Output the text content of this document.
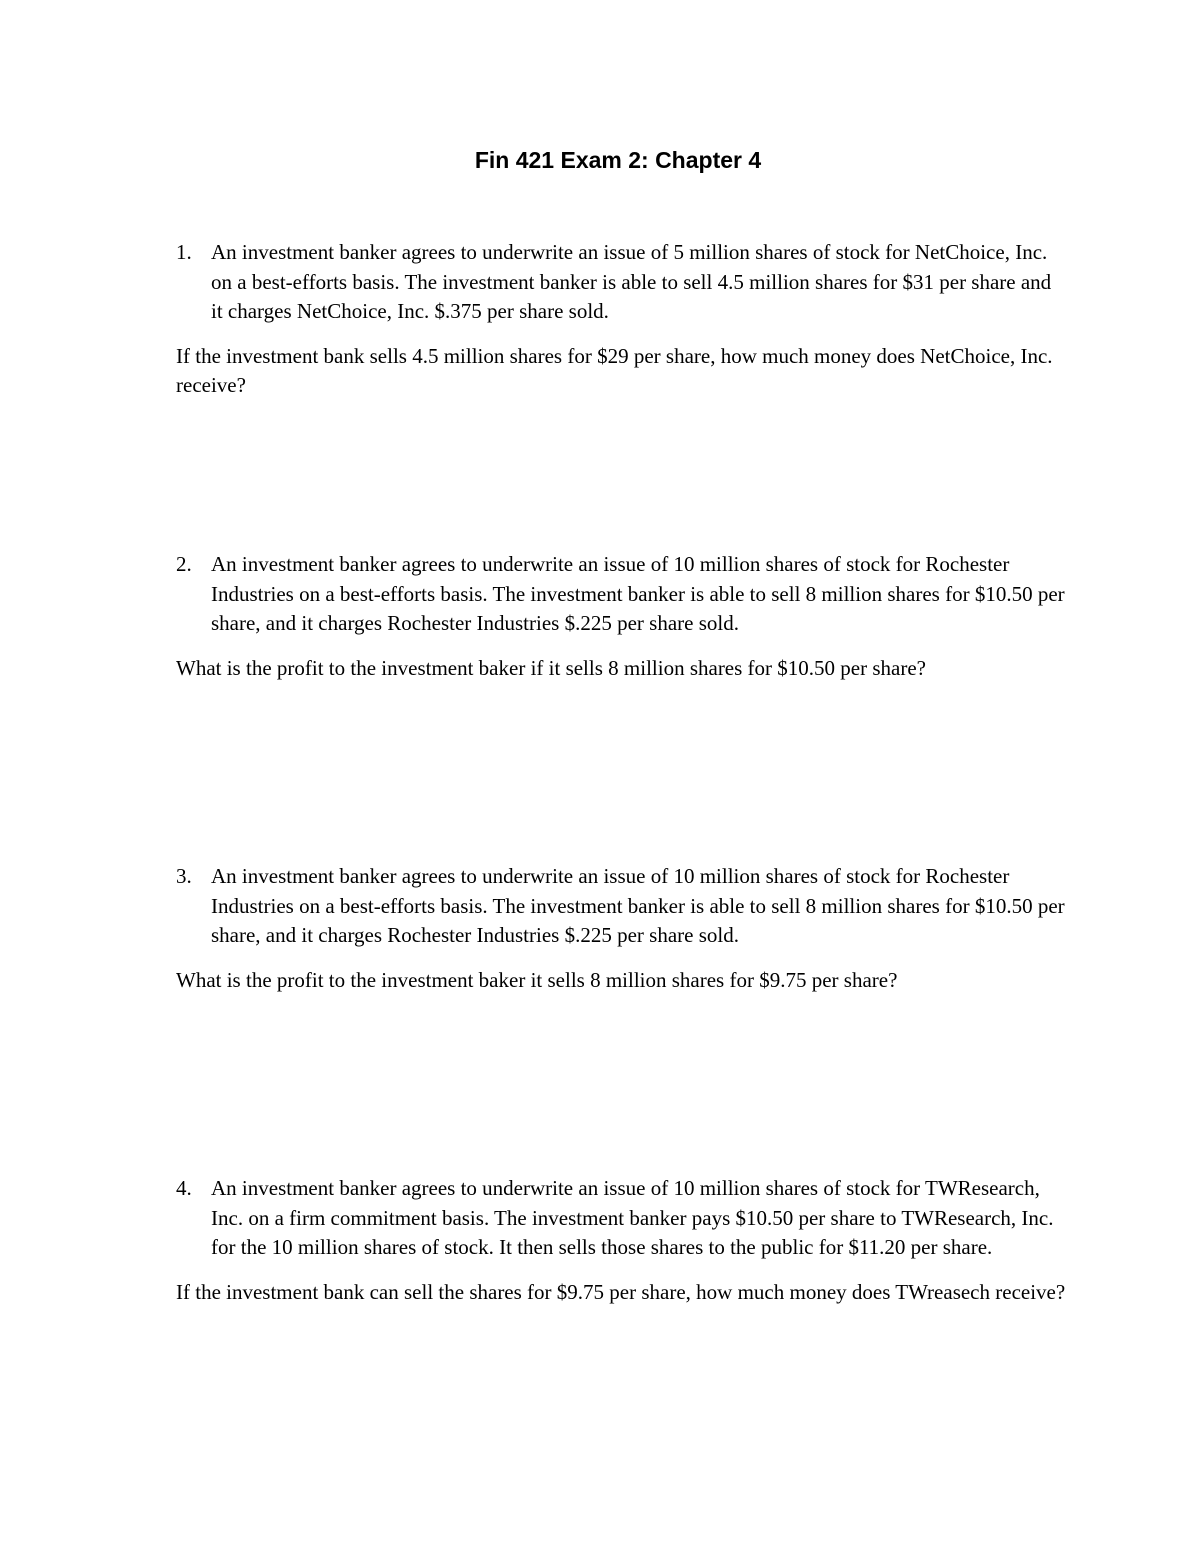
Fin 421 Exam 2: Chapter 4

1. An investment banker agrees to underwrite an issue of 5 million shares of stock for NetChoice, Inc. on a best-efforts basis. The investment banker is able to sell 4.5 million shares for $31 per share and it charges NetChoice, Inc. $.375 per share sold.

If the investment bank sells 4.5 million shares for $29 per share, how much money does NetChoice, Inc. receive?

2. An investment banker agrees to underwrite an issue of 10 million shares of stock for Rochester Industries on a best-efforts basis. The investment banker is able to sell 8 million shares for $10.50 per share, and it charges Rochester Industries $.225 per share sold.

What is the profit to the investment baker if it sells 8 million shares for $10.50 per share?

3. An investment banker agrees to underwrite an issue of 10 million shares of stock for Rochester Industries on a best-efforts basis. The investment banker is able to sell 8 million shares for $10.50 per share, and it charges Rochester Industries $.225 per share sold.

What is the profit to the investment baker it sells 8 million shares for $9.75 per share?

4. An investment banker agrees to underwrite an issue of 10 million shares of stock for TWResearch, Inc. on a firm commitment basis. The investment banker pays $10.50 per share to TWResearch, Inc. for the 10 million shares of stock. It then sells those shares to the public for $11.20 per share.

If the investment bank can sell the shares for $9.75 per share, how much money does TWreasech receive?
